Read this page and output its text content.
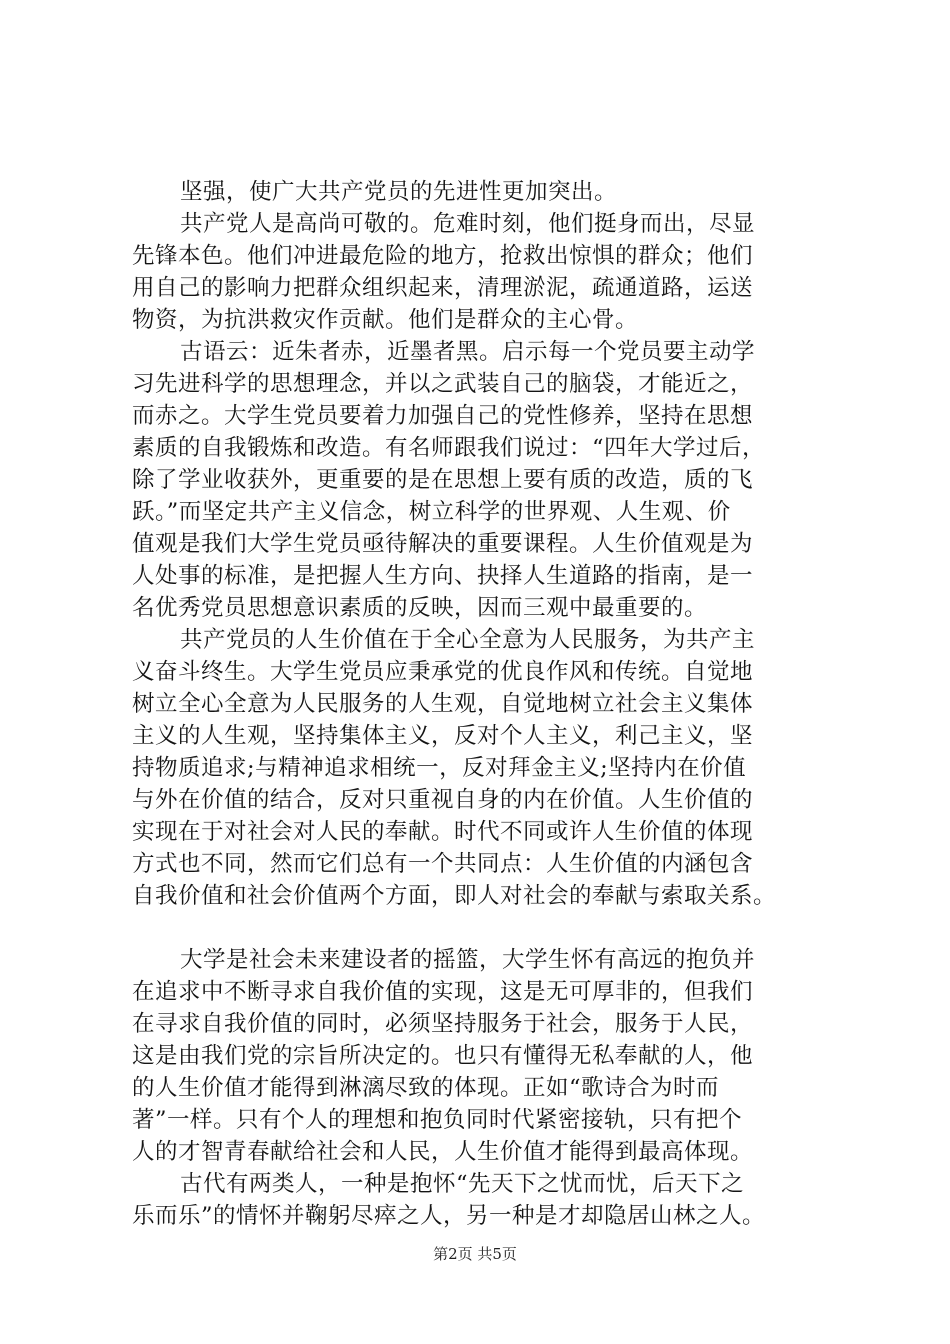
坚强，使广大共产党员的先进性更加突出。
共产党人是高尚可敬的。危难时刻，他们挺身而出，尽显
先锋本色。他们冲进最危险的地方，抢救出惊惧的群众；他们
用自己的影响力把群众组织起来，清理淤泥，疏通道路，运送
物资，为抗洪救灾作贡献。他们是群众的主心骨。
古语云：近朱者赤，近墨者黑。启示每一个党员要主动学
习先进科学的思想理念，并以之武装自己的脑袋，才能近之，
而赤之。大学生党员要着力加强自己的党性修养，坚持在思想
素质的自我锻炼和改造。有名师跟我们说过：“四年大学过后，
除了学业收获外，更重要的是在思想上要有质的改造，质的飞
跃。”而坚定共产主义信念，树立科学的世界观、人生观、价
值观是我们大学生党员亟待解决的重要课程。人生价值观是为
人处事的标准，是把握人生方向、抉择人生道路的指南，是一
名优秀党员思想意识素质的反映，因而三观中最重要的。
共产党员的人生价值在于全心全意为人民服务，为共产主
义奋斗终生。大学生党员应秉承党的优良作风和传统。自觉地
树立全心全意为人民服务的人生观，自觉地树立社会主义集体
主义的人生观，坚持集体主义，反对个人主义，利己主义，坚
持物质追求;与精神追求相统一，反对拜金主义;坚持内在价值
与外在价值的结合，反对只重视自身的内在价值。人生价值的
实现在于对社会对人民的奉献。时代不同或许人生价值的体现
方式也不同，然而它们总有一个共同点：人生价值的内涵包含
自我价值和社会价值两个方面，即人对社会的奉献与索取关系。
大学是社会未来建设者的摇篮，大学生怀有高远的抱负并
在追求中不断寻求自我价值的实现，这是无可厚非的，但我们
在寻求自我价值的同时，必须坚持服务于社会，服务于人民，
这是由我们党的宗旨所决定的。也只有懂得无私奉献的人，他
的人生价值才能得到淋漓尽致的体现。正如“歌诗合为时而
著”一样。只有个人的理想和抱负同时代紧密接轨，只有把个
人的才智青春献给社会和人民，人生价值才能得到最高体现。
古代有两类人，一种是抱怀“先天下之忧而忧，后天下之
乐而乐”的情怀并鞠躬尽瘁之人，另一种是才却隐居山林之人。
第2页 共5页
